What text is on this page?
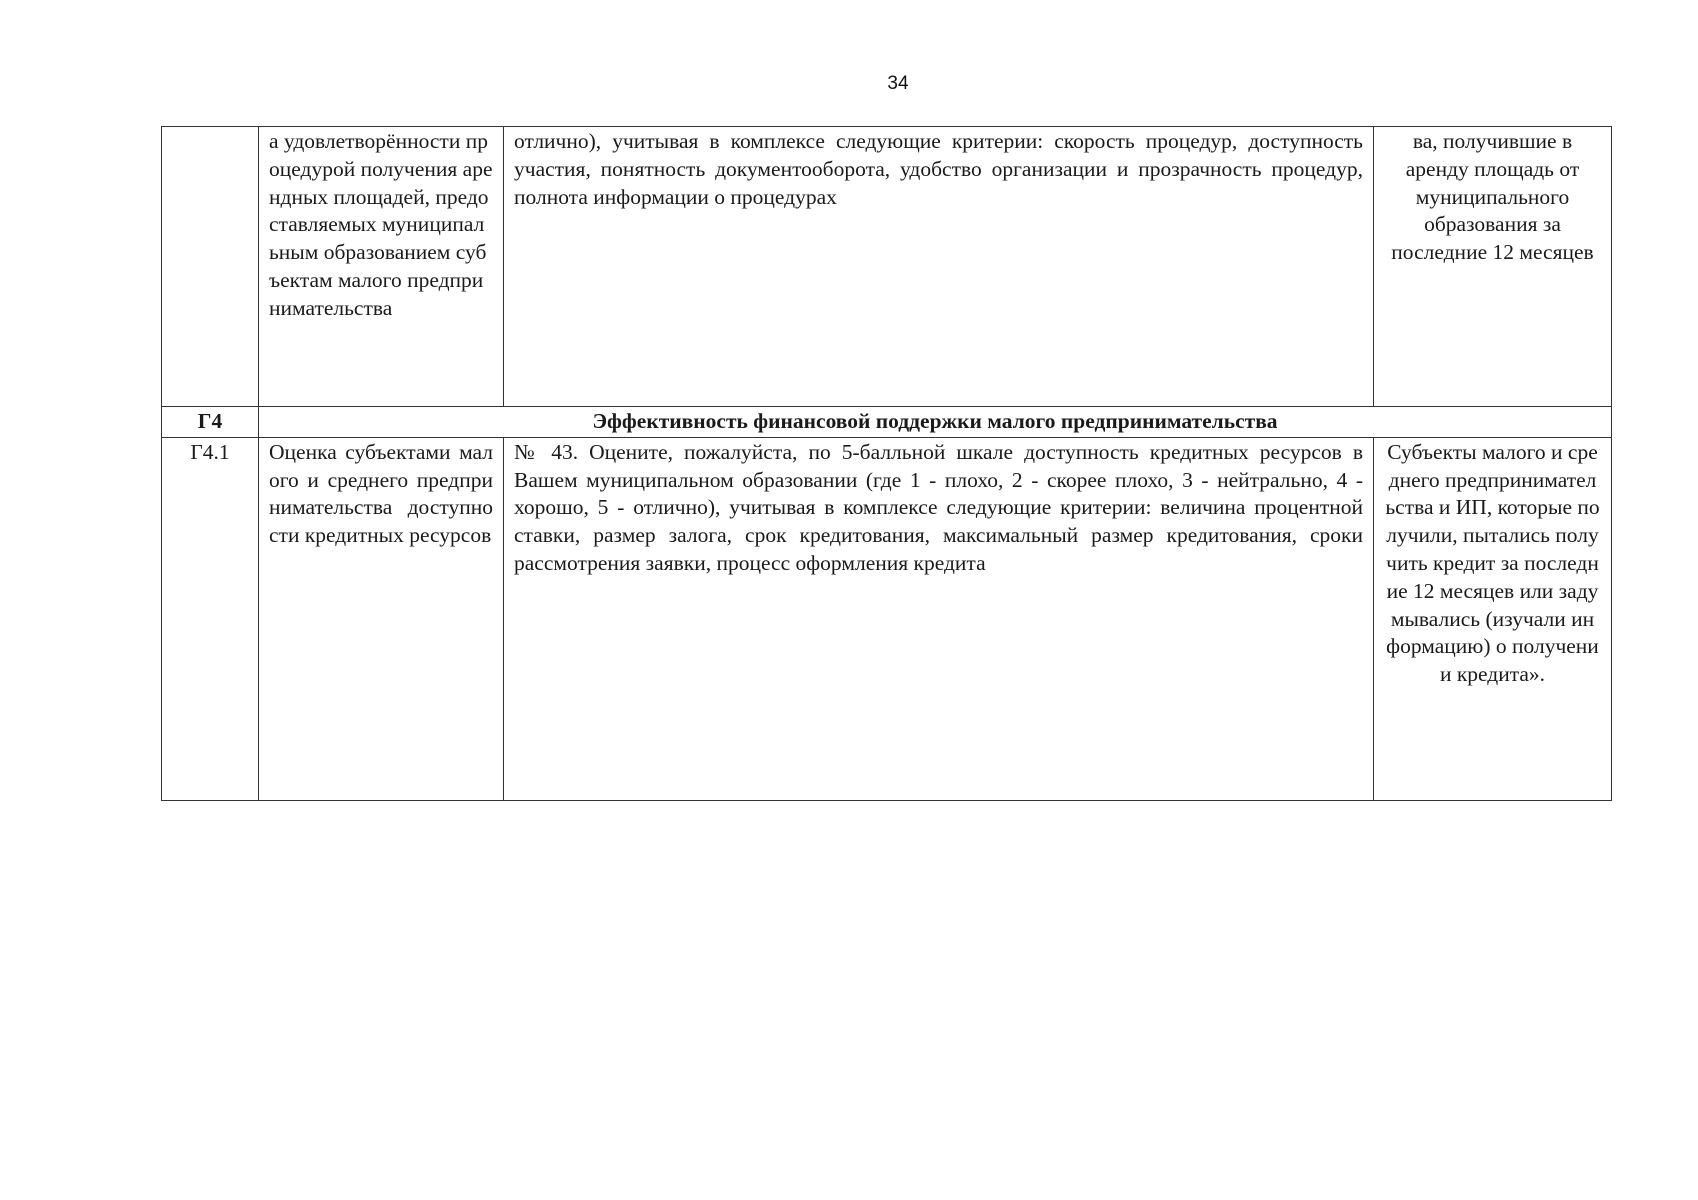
34
	а удовлетворённости процедурой получения арендных площадей, предоставляемых муниципальным образованием субъектам малого предпринимательства	отлично), учитывая в комплексе следующие критерии: скорость процедур, доступность участия, понятность документооборота, удобство организации и прозрачность процедур, полнота информации о процедурах	ва, получившие в аренду площадь от муниципального образования за последние 12 месяцев
Г4	Эффективность финансовой поддержки малого предпринимательства		
Г4.1	Оценка субъектами малого и среднего предпринимательства доступности кредитных ресурсов	№ 43. Оцените, пожалуйста, по 5-балльной шкале доступность кредитных ресурсов в Вашем муниципальном образовании (где 1 - плохо, 2 - скорее плохо, 3 - нейтрально, 4 - хорошо, 5 - отлично), учитывая в комплексе следующие критерии: величина процентной ставки, размер залога, срок кредитования, максимальный размер кредитования, сроки рассмотрения заявки, процесс оформления кредита	Субъекты малого и среднего предпринимательства и ИП, которые получили, пытались получить кредит за последние 12 месяцев или задумывались (изучали информацию) о получении кредита».
